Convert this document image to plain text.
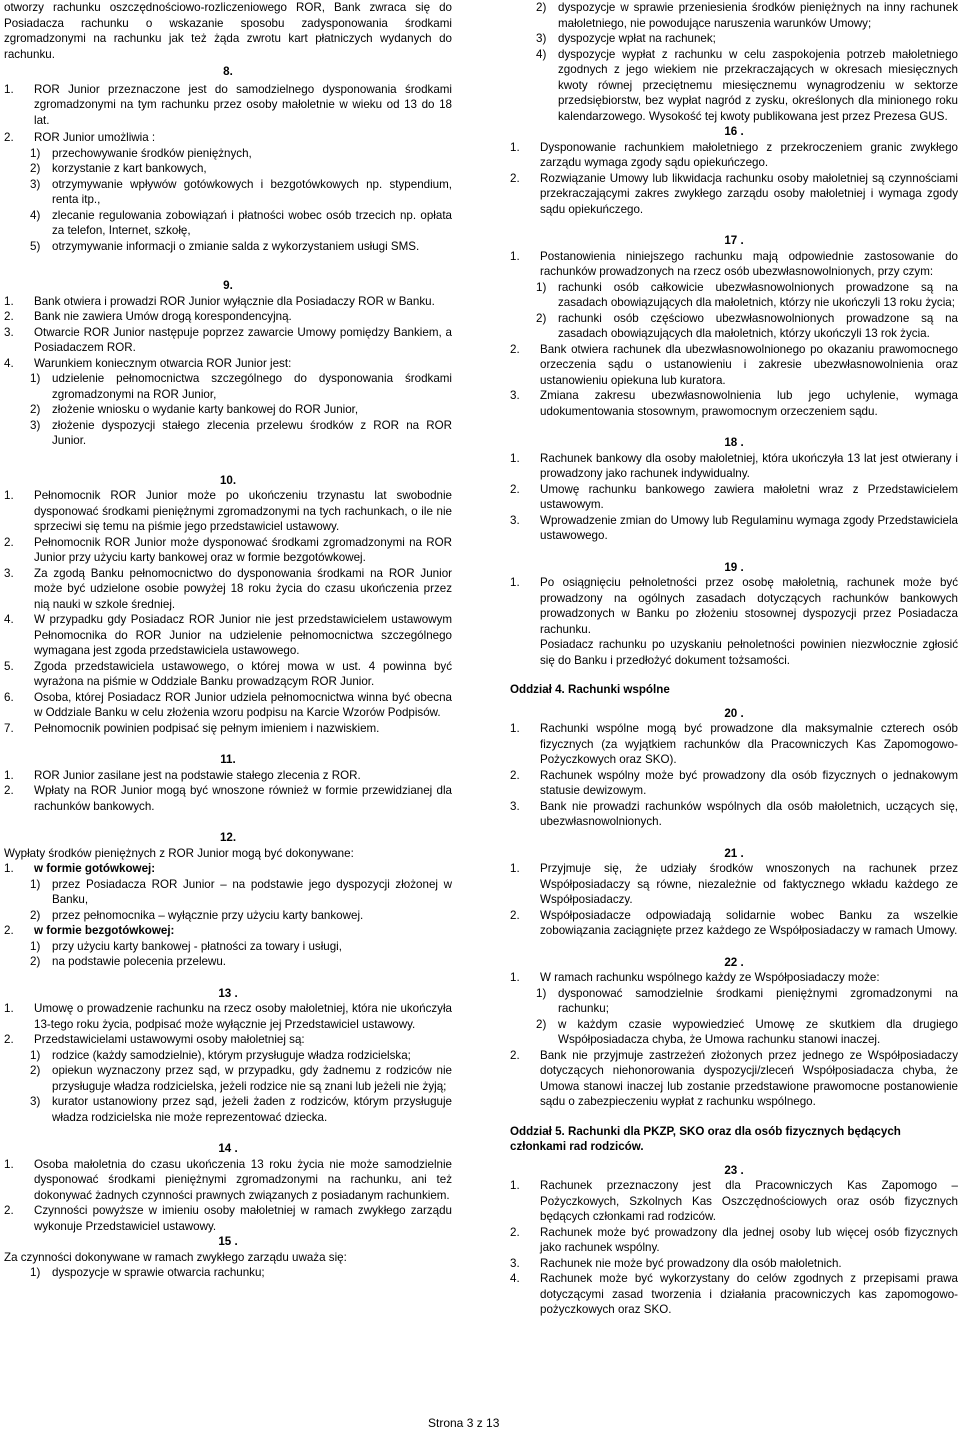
otworzy rachunku oszczędnościowo-rozliczeniowego ROR, Bank zwraca się do Posiadacza rachunku o wskazanie sposobu zadysponowania środkami zgromadzonymi na rachunku jak też żąda zwrotu kart płatniczych wydanych do rachunku.
8.
1. ROR Junior przeznaczone jest do samodzielnego dysponowania środkami zgromadzonymi na tym rachunku przez osoby małoletnie w wieku od 13 do 18 lat.
2. ROR Junior umożliwia :
1) przechowywanie środków pieniężnych,
2) korzystanie z kart bankowych,
3) otrzymywanie wpływów gotówkowych i bezgotówkowych np. stypendium, renta itp.,
4) zlecanie regulowania zobowiązań i płatności wobec osób trzecich np. opłata za telefon, Internet, szkołę,
5) otrzymywanie informacji o zmianie salda z wykorzystaniem usługi SMS.
9.
1. Bank otwiera i prowadzi ROR Junior wyłącznie dla Posiadaczy ROR w Banku.
2. Bank nie zawiera Umów drogą korespondencyjną.
3. Otwarcie ROR Junior następuje poprzez zawarcie Umowy pomiędzy Bankiem, a Posiadaczem ROR.
4. Warunkiem koniecznym otwarcia ROR Junior jest:
1) udzielenie pełnomocnictwa szczególnego do dysponowania środkami zgromadzonymi na ROR Junior,
2) złożenie wniosku o wydanie karty bankowej do ROR Junior,
3) złożenie dyspozycji stałego zlecenia przelewu środków z ROR na ROR Junior.
10.
1. Pełnomocnik ROR Junior może po ukończeniu trzynastu lat swobodnie dysponować środkami pieniężnymi zgromadzonymi na tych rachunkach, o ile nie sprzeciwi się temu na piśmie jego przedstawiciel ustawowy.
2. Pełnomocnik ROR Junior może dysponować środkami zgromadzonymi na ROR Junior przy użyciu karty bankowej oraz w formie bezgotówkowej.
3. Za zgodą Banku pełnomocnictwo do dysponowania środkami na ROR Junior może być udzielone osobie powyżej 18 roku życia do czasu ukończenia przez nią nauki w szkole średniej.
4. W przypadku gdy Posiadacz ROR Junior nie jest przedstawicielem ustawowym Pełnomocnika do ROR Junior na udzielenie pełnomocnictwa szczególnego wymagana jest zgoda przedstawiciela ustawowego.
5. Zgoda przedstawiciela ustawowego, o której mowa w ust. 4 powinna być wyrażona na piśmie w Oddziale Banku prowadzącym ROR Junior.
6. Osoba, której Posiadacz ROR Junior udziela pełnomocnictwa winna być obecna w Oddziale Banku w celu złożenia wzoru podpisu na Karcie Wzorów Podpisów.
7. Pełnomocnik powinien podpisać się pełnym imieniem i nazwiskiem.
11.
1. ROR Junior zasilane jest na podstawie stałego zlecenia z ROR.
2. Wpłaty na ROR Junior mogą być wnoszone również w formie przewidzianej dla rachunków bankowych.
12.
Wypłaty środków pieniężnych z ROR Junior mogą być dokonywane:
1. w formie gotówkowej:
1) przez Posiadacza ROR Junior – na podstawie jego dyspozycji złożonej w Banku,
2) przez pełnomocnika – wyłącznie przy użyciu karty bankowej.
2. w formie bezgotówkowej:
1) przy użyciu karty bankowej - płatności za towary i usługi,
2) na podstawie polecenia przelewu.
13 .
1. Umowę o prowadzenie rachunku na rzecz osoby małoletniej, która nie ukończyła 13-tego roku życia, podpisać może wyłącznie jej Przedstawiciel ustawowy.
2. Przedstawicielami ustawowymi osoby małoletniej są:
1) rodzice (każdy samodzielnie), którym przysługuje władza rodzicielska;
2) opiekun wyznaczony przez sąd, w przypadku, gdy żadnemu z rodziców nie przysługuje władza rodzicielska, jeżeli rodzice nie są znani lub jeżeli nie żyją;
3) kurator ustanowiony przez sąd, jeżeli żaden z rodziców, którym przysługuje władza rodzicielska nie może reprezentować dziecka.
14 .
1. Osoba małoletnia do czasu ukończenia 13 roku życia nie może samodzielnie dysponować środkami pieniężnymi zgromadzonymi na rachunku, ani też dokonywać żadnych czynności prawnych związanych z posiadanym rachunkiem.
2. Czynności powyższe w imieniu osoby małoletniej w ramach zwykłego zarządu wykonuje Przedstawiciel ustawowy.
15 .
Za czynności dokonywane w ramach zwykłego zarządu uważa się:
1) dyspozycje w sprawie otwarcia rachunku;
2) dyspozycje w sprawie przeniesienia środków pieniężnych na inny rachunek małoletniego, nie powodujące naruszenia warunków Umowy;
3) dyspozycje wpłat na rachunek;
4) dyspozycje wypłat z rachunku w celu zaspokojenia potrzeb małoletniego zgodnych z jego wiekiem nie przekraczających w okresach miesięcznych kwoty równej przeciętnemu miesięcznemu wynagrodzeniu w sektorze przedsiębiorstw, bez wypłat nagród z zysku, określonych dla minionego roku kalendarzowego. Wysokość tej kwoty publikowana jest przez Prezesa GUS.
16 .
1. Dysponowanie rachunkiem małoletniego z przekroczeniem granic zwykłego zarządu wymaga zgody sądu opiekuńczego.
2. Rozwiązanie Umowy lub likwidacja rachunku osoby małoletniej są czynnościami przekraczającymi zakres zwykłego zarządu osoby małoletniej i wymaga zgody sądu opiekuńczego.
17 .
1. Postanowienia niniejszego rachunku mają odpowiednie zastosowanie do rachunków prowadzonych na rzecz osób ubezwłasnowolnionych, przy czym:
1) rachunki osób całkowicie ubezwłasnowolnionych prowadzone są na zasadach obowiązujących dla małoletnich, którzy nie ukończyli 13 roku życia;
2) rachunki osób częściowo ubezwłasnowolnionych prowadzone są na zasadach obowiązujących dla małoletnich, którzy ukończyli 13 rok życia.
2. Bank otwiera rachunek dla ubezwłasnowolnionego po okazaniu prawomocnego orzeczenia sądu o ustanowieniu i zakresie ubezwłasnowolnienia oraz ustanowieniu opiekuna lub kuratora.
3. Zmiana zakresu ubezwłasnowolnienia lub jego uchylenie, wymaga udokumentowania stosownym, prawomocnym orzeczeniem sądu.
18 .
1. Rachunek bankowy dla osoby małoletniej, która ukończyła 13 lat jest otwierany i prowadzony jako rachunek indywidualny.
2. Umowę rachunku bankowego zawiera małoletni wraz z Przedstawicielem ustawowym.
3. Wprowadzenie zmian do Umowy lub Regulaminu wymaga zgody Przedstawiciela ustawowego.
19 .
1. Po osiągnięciu pełnoletności przez osobę małoletnią, rachunek może być prowadzony na ogólnych zasadach dotyczących rachunków bankowych prowadzonych w Banku po złożeniu stosownej dyspozycji przez Posiadacza rachunku.
Posiadacz rachunku po uzyskaniu pełnoletności powinien niezwłocznie zgłosić się do Banku i przedłożyć dokument tożsamości.
Oddział 4. Rachunki wspólne
20 .
1. Rachunki wspólne mogą być prowadzone dla maksymalnie czterech osób fizycznych (za wyjątkiem rachunków dla Pracowniczych Kas Zapomogowo-Pożyczkowych oraz SKO).
2. Rachunek wspólny może być prowadzony dla osób fizycznych o jednakowym statusie dewizowym.
3. Bank nie prowadzi rachunków wspólnych dla osób małoletnich, uczących się, ubezwłasnowolnionych.
21 .
1. Przyjmuje się, że udziały środków wnoszonych na rachunek przez Współposiadaczy są równe, niezależnie od faktycznego wkładu każdego ze Współposiadaczy.
2. Współposiadacze odpowiadają solidarnie wobec Banku za wszelkie zobowiązania zaciągnięte przez każdego ze Współposiadaczy w ramach Umowy.
22 .
1. W ramach rachunku wspólnego każdy ze Współposiadaczy może:
1) dysponować samodzielnie środkami pieniężnymi zgromadzonymi na rachunku;
2) w każdym czasie wypowiedzieć Umowę ze skutkiem dla drugiego Współposiadacza chyba, że Umowa rachunku stanowi inaczej.
2. Bank nie przyjmuje zastrzeżeń złożonych przez jednego ze Współposiadaczy dotyczących niehonorowania dyspozycji/zleceń Współposiadacza chyba, że Umowa stanowi inaczej lub zostanie przedstawione prawomocne postanowienie sądu o zabezpieczeniu wypłat z rachunku wspólnego.
Oddział 5. Rachunki dla PKZP, SKO oraz dla osób fizycznych będących członkami rad rodziców.
23 .
1. Rachunek przeznaczony jest dla Pracowniczych Kas Zapomogo – Pożyczkowych, Szkolnych Kas Oszczędnościowych oraz osób fizycznych będących członkami rad rodziców.
2. Rachunek może być prowadzony dla jednej osoby lub więcej osób fizycznych jako rachunek wspólny.
3. Rachunek nie może być prowadzony dla osób małoletnich.
4. Rachunek może być wykorzystany do celów zgodnych z przepisami prawa dotyczącymi zasad tworzenia i działania pracowniczych kas zapomogowo-pożyczkowych oraz SKO.
Strona 3 z 13
